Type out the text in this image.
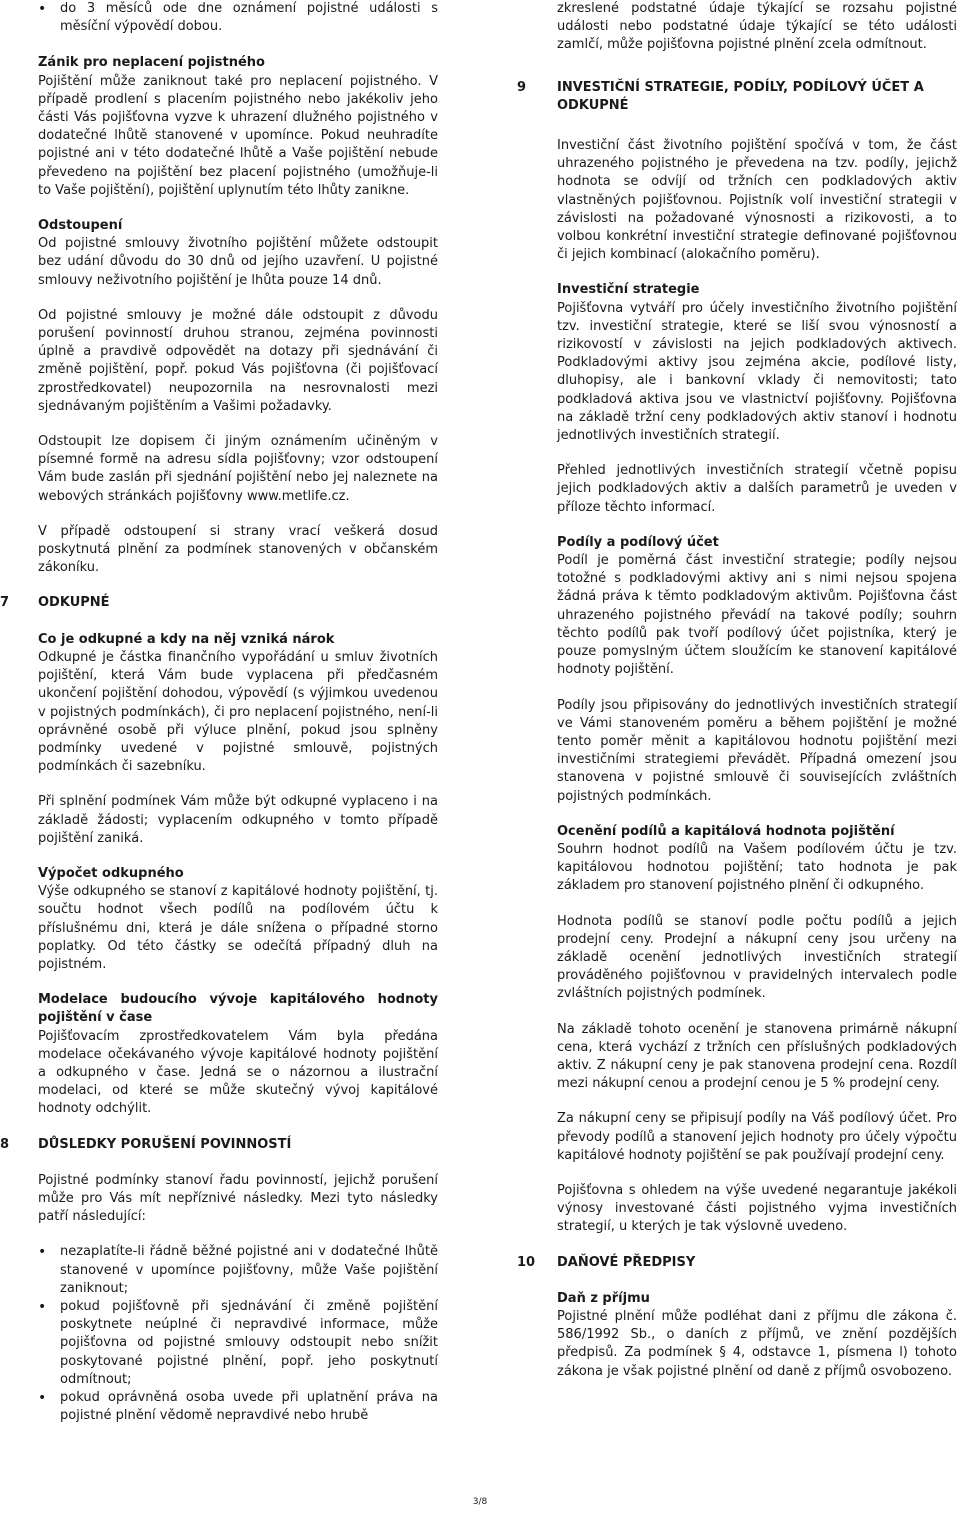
• do 3 měsíců ode dne oznámení pojistné události s měsíční výpovědí dobou.

Zánik pro neplacení pojistného
Pojištění může zaniknout také pro neplacení pojistného. V případě prodlení s placením pojistného nebo jakékoliv jeho části Vás pojišťovna vyzve k uhrazení dlužného pojistného v dodatečné lhůtě stanovené v upomínce. Pokud neuhradíte pojistné ani v této dodatečné lhůtě a Vaše pojištění nebude převedeno na pojištění bez placení pojistného (umožňuje-li to Vaše pojištění), pojištění uplynutím této lhůty zanikne.

Odstoupení
Od pojistné smlouvy životního pojištění můžete odstoupit bez udání důvodu do 30 dnů od jejího uzavření. U pojistné smlouvy neživotního pojištění je lhůta pouze 14 dnů.

Od pojistné smlouvy je možné dále odstoupit z důvodu porušení povinností druhou stranou, zejména povinnosti úplně a pravdivě odpovědět na dotazy při sjednávání či změně pojištění, popř. pokud Vás pojišťovna (či pojišťovací zprostředkovatel) neupozornila na nesrovnalosti mezi sjednávaným pojištěním a Vašimi požadavky.

Odstoupit lze dopisem či jiným oznámením učiněným v písemné formě na adresu sídla pojišťovny; vzor odstoupení Vám bude zaslán při sjednání pojištění nebo jej naleznete na webových stránkách pojišťovny www.metlife.cz.

V případě odstoupení si strany vrací veškerá dosud poskytnutá plnění za podmínek stanovených v občanském zákoníku.

7 ODKUPNÉ

Co je odkupné a kdy na něj vzniká nárok
Odkupné je částka finančního vypořádání u smluv životních pojištění, která Vám bude vyplacena při předčasném ukončení pojištění dohodou, výpovědí (s výjimkou uvedenou v pojistných podmínkách), či pro neplacení pojistného, není-li oprávněné osobě při výluce plnění, pokud jsou splněny podmínky uvedené v pojistné smlouvě, pojistných podmínkách či sazebníku.

Při splnění podmínek Vám může být odkupné vyplaceno i na základě žádosti; vyplacením odkupného v tomto případě pojištění zaniká.

Výpočet odkupného
Výše odkupného se stanoví z kapitálové hodnoty pojištění, tj. součtu hodnot všech podílů na podílovém účtu k příslušnému dni, která je dále snížena o případné storno poplatky. Od této částky se odečítá případný dluh na pojistném.

Modelace budoucího vývoje kapitálového hodnoty pojištění v čase
Pojišťovacím zprostředkovatelem Vám byla předána modelace očekávaného vývoje kapitálové hodnoty pojištění a odkupného v čase. Jedná se o názornou a ilustrační modelaci, od které se může skutečný vývoj kapitálové hodnoty odchýlit.

8 DŮSLEDKY PORUŠENÍ POVINNOSTÍ

Pojistné podmínky stanoví řadu povinností, jejichž porušení může pro Vás mít nepříznivé následky. Mezi tyto následky patří následující:

• nezaplatíte-li řádně běžné pojistné ani v dodatečné lhůtě stanovené v upomínce pojišťovny, může Vaše pojištění zaniknout;
• pokud pojišťovně při sjednávání či změně pojištění poskytnete neúplné či nepravdivé informace, může pojišťovna od pojistné smlouvy odstoupit nebo snížit poskytované pojistné plnění, popř. jeho poskytnutí odmítnout;
• pokud oprávněná osoba uvede při uplatnění práva na pojistné plnění vědomě nepravdivé nebo hrubě

zkreslené podstatné údaje týkající se rozsahu pojistné události nebo podstatné údaje týkající se této události zamlčí, může pojišťovna pojistné plnění zcela odmítnout.

9 INVESTIČNÍ STRATEGIE, PODÍLY, PODÍLOVÝ ÚČET A ODKUPNÉ

Investiční část životního pojištění spočívá v tom, že část uhrazeného pojistného je převedena na tzv. podíly, jejichž hodnota se odvíjí od tržních cen podkladových aktiv vlastněných pojišťovnou. Pojistník volí investiční strategii v závislosti na požadované výnosnosti a rizikovosti, a to volbou konkrétní investiční strategie definované pojišťovnou či jejich kombinací (alokačního poměru).

Investiční strategie
Pojišťovna vytváří pro účely investičního životního pojištění tzv. investiční strategie, které se liší svou výnosností a rizikovostí v závislosti na jejich podkladových aktivech. Podkladovými aktivy jsou zejména akcie, podílové listy, dluhopisy, ale i bankovní vklady či nemovitosti; tato podkladová aktiva jsou ve vlastnictví pojišťovny. Pojišťovna na základě tržní ceny podkladových aktiv stanoví i hodnotu jednotlivých investičních strategií.

Přehled jednotlivých investičních strategií včetně popisu jejich podkladových aktiv a dalších parametrů je uveden v příloze těchto informací.

Podíly a podílový účet
Podíl je poměrná část investiční strategie; podíly nejsou totožné s podkladovými aktivy ani s nimi nejsou spojena žádná práva k těmto podkladovým aktivům. Pojišťovna část uhrazeného pojistného převádí na takové podíly; souhrn těchto podílů pak tvoří podílový účet pojistníka, který je pouze pomyslným účtem sloužícím ke stanovení kapitálové hodnoty pojištění.

Podíly jsou připisovány do jednotlivých investičních strategií ve Vámi stanoveném poměru a během pojištění je možné tento poměr měnit a kapitálovou hodnotu pojištění mezi investičními strategiemi převádět. Případná omezení jsou stanovena v pojistné smlouvě či souvisejících zvláštních pojistných podmínkách.

Ocenění podílů a kapitálová hodnota pojištění
Souhrn hodnot podílů na Vašem podílovém účtu je tzv. kapitálovou hodnotou pojištění; tato hodnota je pak základem pro stanovení pojistného plnění či odkupného.

Hodnota podílů se stanoví podle počtu podílů a jejich prodejní ceny. Prodejní a nákupní ceny jsou určeny na základě ocenění jednotlivých investičních strategií prováděného pojišťovnou v pravidelných intervalech podle zvláštních pojistných podmínek.

Na základě tohoto ocenění je stanovena primárně nákupní cena, která vychází z tržních cen příslušných podkladových aktiv. Z nákupní ceny je pak stanovena prodejní cena. Rozdíl mezi nákupní cenou a prodejní cenou je 5 % prodejní ceny.

Za nákupní ceny se připisují podíly na Váš podílový účet. Pro převody podílů a stanovení jejich hodnoty pro účely výpočtu kapitálové hodnoty pojištění se pak používají prodejní ceny.

Pojišťovna s ohledem na výše uvedené negarantuje jakékoli výnosy investované části pojistného vyjma investičních strategií, u kterých je tak výslovně uvedeno.

10 DAŇOVÉ PŘEDPISY

Daň z příjmu
Pojistné plnění může podléhat dani z příjmu dle zákona č. 586/1992 Sb., o daních z příjmů, ve znění pozdějších předpisů. Za podmínek § 4, odstavce 1, písmena l) tohoto zákona je však pojistné plnění od daně z příjmů osvobozeno.

3/8
